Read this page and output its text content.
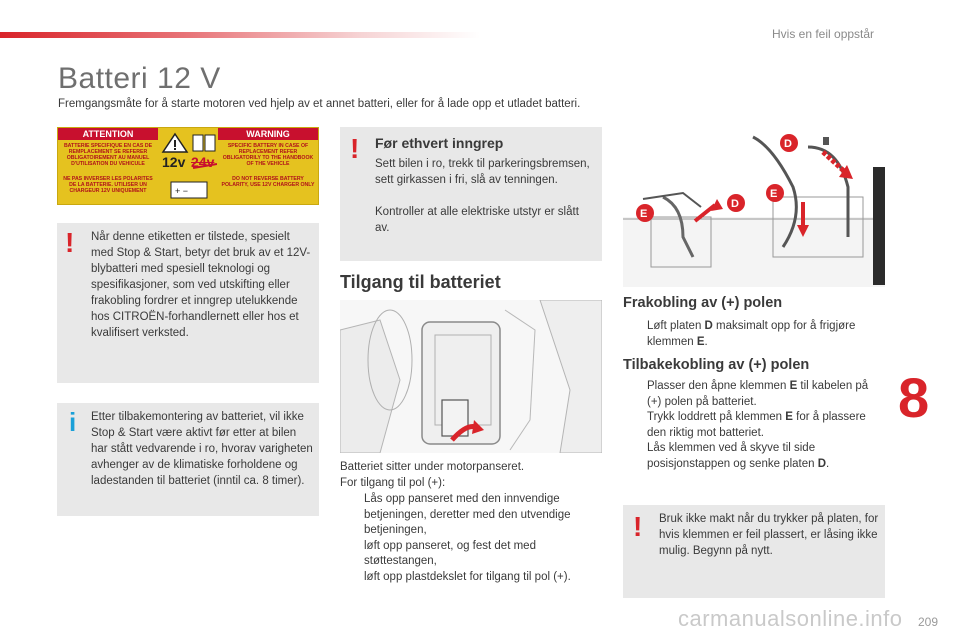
Hvis en feil oppstår
Batteri 12 V
Fremgangsmåte for å starte motoren ved hjelp av et annet batteri, eller for å lade opp et utladet batteri.
ATTENTION	WARNING
BATTERIE SPECIFIQUE EN CAS DE REMPLACEMENT SE REFERER OBLIGATOIREMENT AU MANUEL D'UTILISATION DU VEHICULE
SPECIFIC BATTERY IN CASE OF REPLACEMENT REFER OBLIGATORILY TO THE HANDBOOK OF THE VEHICLE
NE PAS INVERSER LES POLARITES DE LA BATTERIE. UTILISER UN CHARGEUR 12V UNIQUEMENT
DO NOT REVERSE BATTERY POLARITY, USE 12V CHARGER ONLY
+ −
12v 24v
! Når denne etiketten er tilstede, spesielt med Stop & Start, betyr det bruk av et 12V-blybatteri med spesiell teknologi og spesifikasjoner, som ved utskifting eller frakobling fordrer et inngrep utelukkende hos CITROËN-forhandlernett eller hos et kvalifisert verksted.
i Etter tilbakemontering av batteriet, vil ikke Stop & Start være aktivt før etter at bilen har stått vedvarende i ro, hvorav varigheten avhenger av de klimatiske forholdene og ladestanden til batteriet (inntil ca. 8 timer).
! Før ethvert inngrep
Sett bilen i ro, trekk til parkeringsbremsen, sett girkassen i fri, slå av tenningen.
Kontroller at alle elektriske utstyr er slått av.
Tilgang til batteriet
Batteriet sitter under motorpanseret.
For tilgang til pol (+):
Lås opp panseret med den innvendige betjeningen, deretter med den utvendige betjeningen,
løft opp panseret, og fest det med støttestangen,
løft opp plastdekslet for tilgang til pol (+).
E
D
D
E
Frakobling av (+) polen
Løft platen D maksimalt opp for å frigjøre klemmen E.
Tilbakekobling av (+) polen
Plasser den åpne klemmen E til kabelen på (+) polen på batteriet.
Trykk loddrett på klemmen E for å plassere den riktig mot batteriet.
Lås klemmen ved å skyve til side posisjonstappen og senke platen D.
! Bruk ikke makt når du trykker på platen, for hvis klemmen er feil plassert, er låsing ikke mulig. Begynn på nytt.
8
carmanualsonline.info 209
